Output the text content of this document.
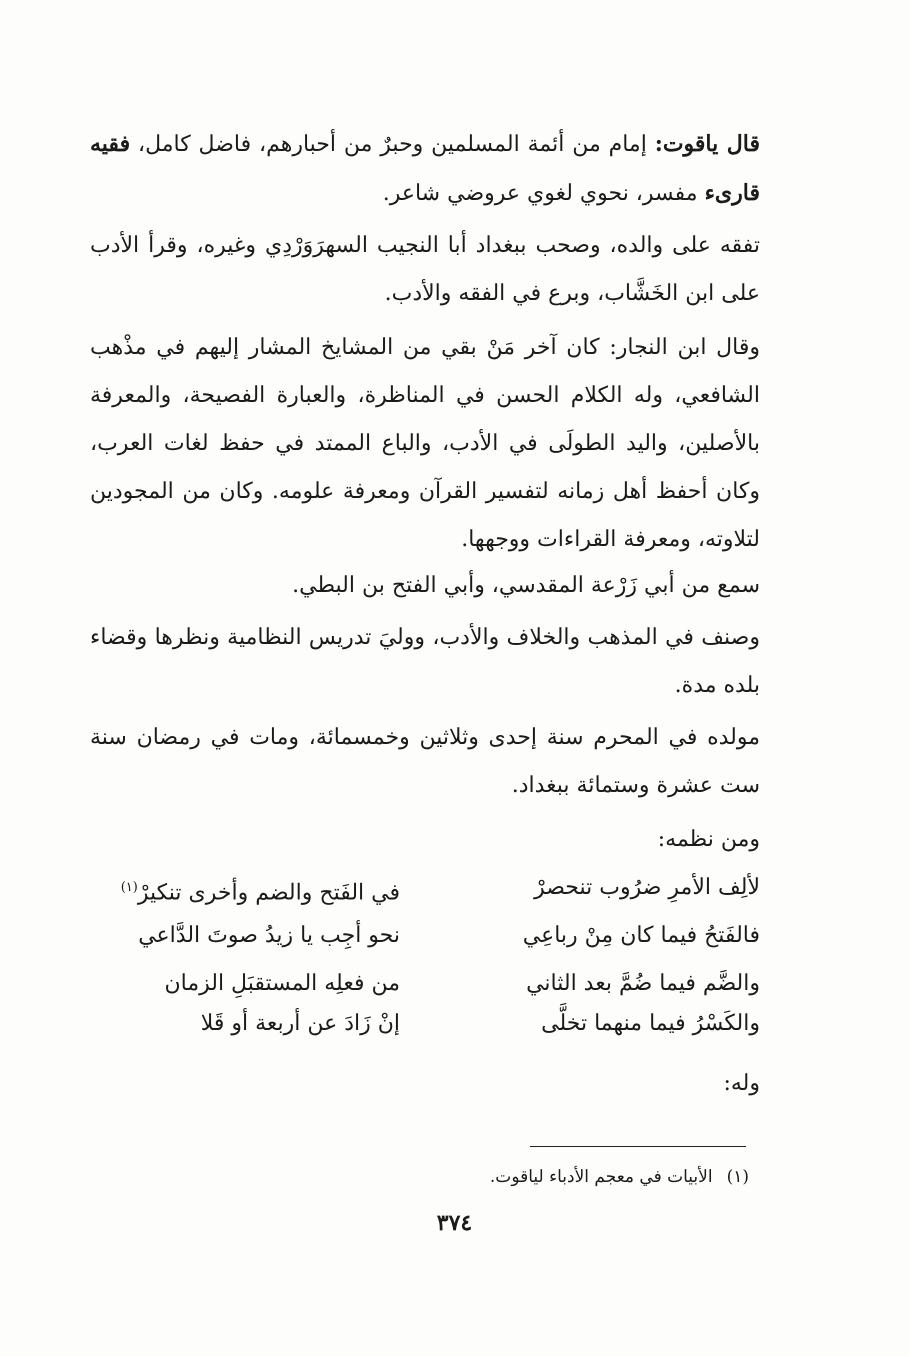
قال ياقوت: إمام من أئمة المسلمين وحبرٌ من أحبارهم، فاضل كامل، فقيه قارىء مفسر، نحوي لغوي عروضي شاعر.
تفقه على والده، وصحب ببغداد أبا النجيب السهرَوَرْدِي وغيره، وقرأ الأدب على ابن الخَشَّاب، وبرع في الفقه والأدب.
وقال ابن النجار: كان آخر مَنْ بقي من المشايخ المشار إليهم في مذْهب الشافعي، وله الكلام الحسن في المناظرة، والعبارة الفصيحة، والمعرفة بالأصلين، واليد الطولَى في الأدب، والباع الممتد في حفظ لغات العرب، وكان أحفظ أهل زمانه لتفسير القرآن ومعرفة علومه. وكان من المجودين لتلاوته، ومعرفة القراءات ووجهها.
سمع من أبي زَرْعة المقدسي، وأبي الفتح بن البطي.
وصنف في المذهب والخلاف والأدب، ووليَ تدريس النظامية ونظرها وقضاء بلده مدة.
مولده في المحرم سنة إحدى وثلاثين وخمسمائة، ومات في رمضان سنة ست عشرة وستمائة ببغداد.
ومن نظمه:
لألِف الأمرِ ضرُوب تنحصرْ
في الفَتح والضم وأخرى تنكيرْ$^{(١)}$
فالفَتحُ فيما كان مِنْ رباعِي
نحو أجِب يا زيدُ صوتَ الدَّاعي
والضَّم فيما ضُمَّ بعد الثاني
من فعلِه المستقبَلِ الزمان
والكَسْرُ فيما منهما تخلَّى
إنْ زَادَ عن أربعة أو قَلا
وله:
(١)الأبيات في معجم الأدباء لياقوت.
٣٧٤
